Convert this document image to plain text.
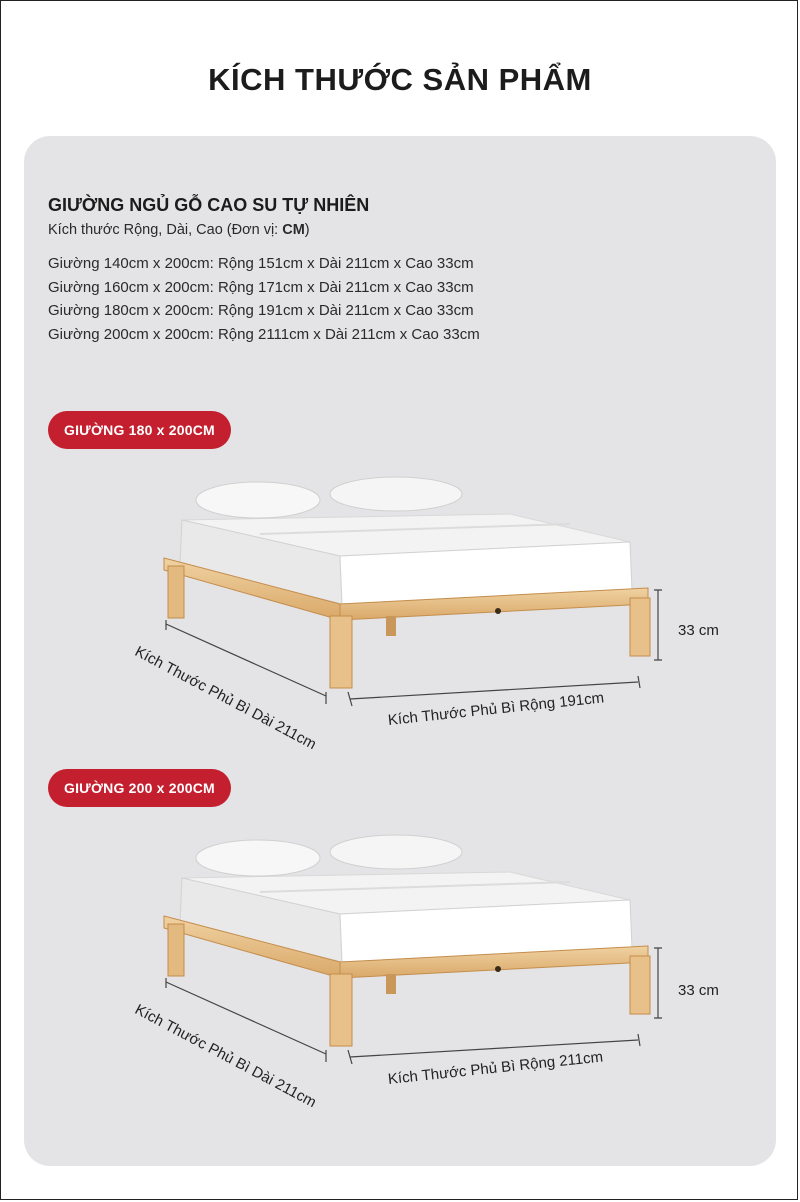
KÍCH THƯỚC SẢN PHẨM
GIƯỜNG NGỦ GỖ CAO SU TỰ NHIÊN
Kích thước Rộng, Dài, Cao (Đơn vị: CM)
Giường 140cm x 200cm: Rộng 151cm x Dài 211cm x Cao 33cm
Giường 160cm x 200cm: Rộng 171cm x Dài 211cm x Cao 33cm
Giường 180cm x 200cm: Rộng 191cm x Dài 211cm x Cao 33cm
Giường 200cm x 200cm: Rộng 2111cm x Dài 211cm x Cao 33cm
GIƯỜNG 180 x 200CM
33 cm
Kích Thước Phủ Bì Rộng 191cm
Kích Thước Phủ Bì Dài 211cm
GIƯỜNG 200 x 200CM
33 cm
Kích Thước Phủ Bì Rộng 211cm
Kích Thước Phủ Bì Dài 211cm
